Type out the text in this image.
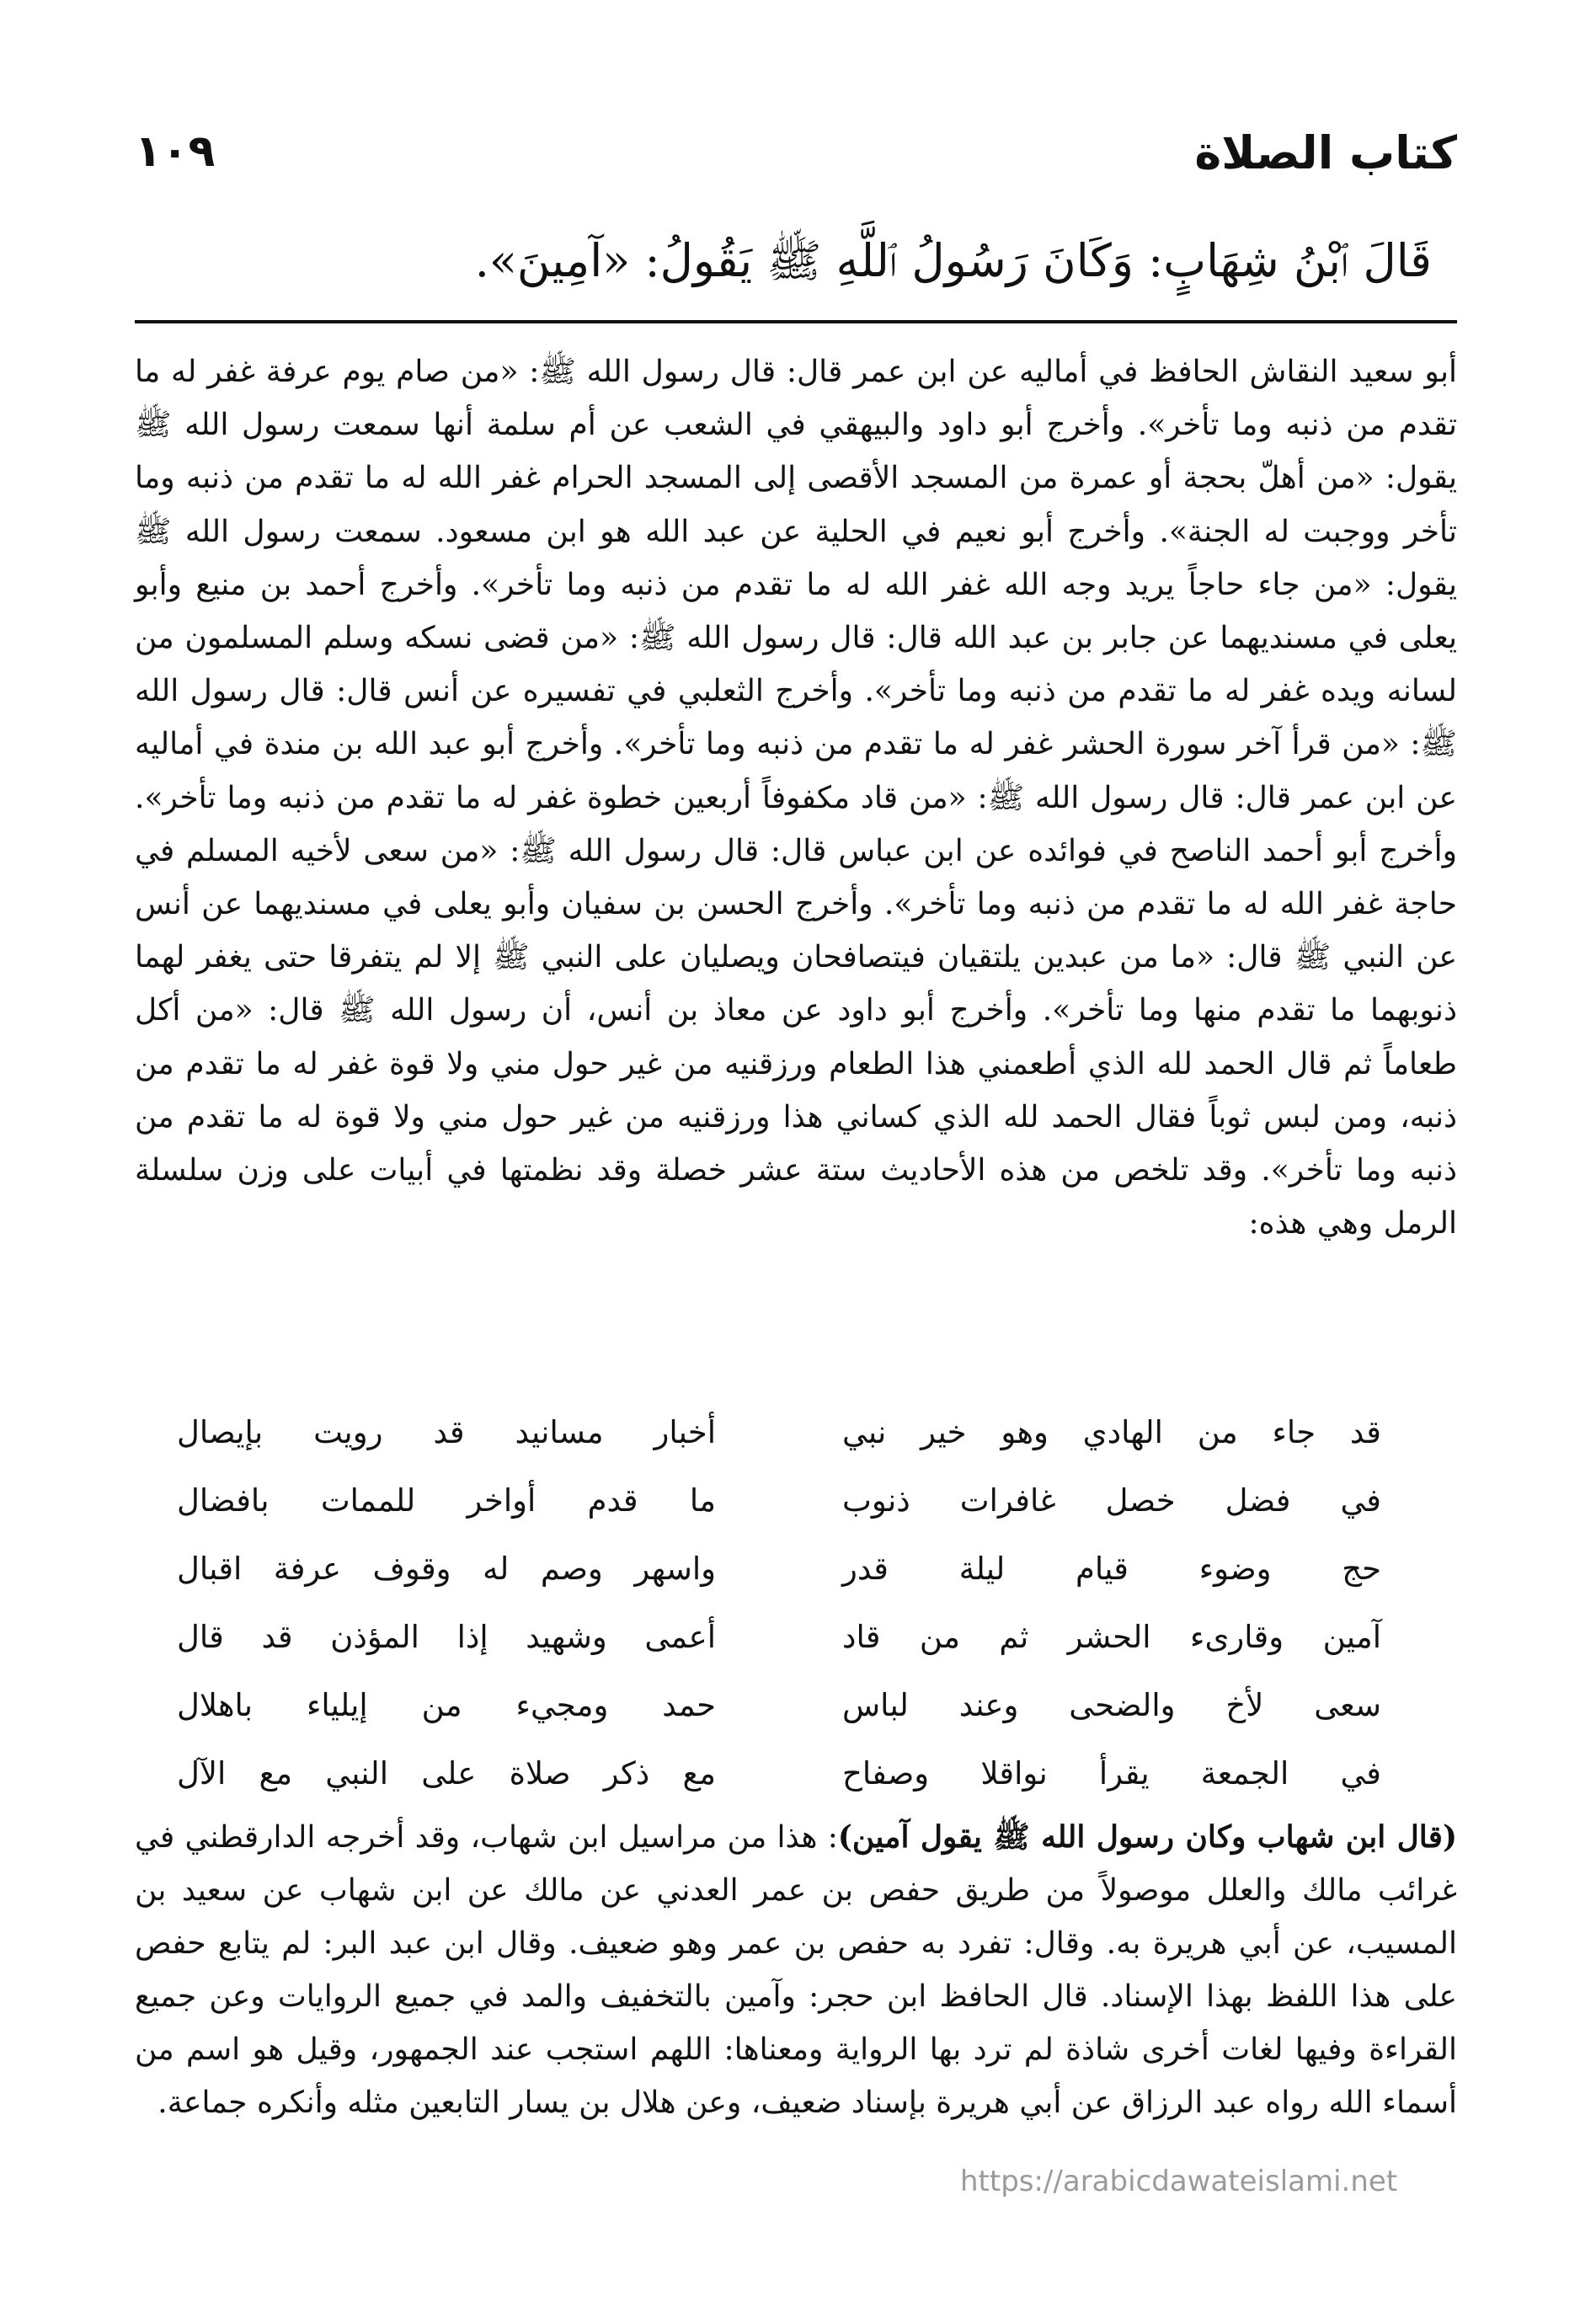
كتاب الصلاة
١٠٩
قَالَ ٱبْنُ شِهَابٍ: وَكَانَ رَسُولُ ٱللَّهِ ﷺ يَقُولُ: «آمِينَ».
أبو سعيد النقاش الحافظ في أماليه عن ابن عمر قال: قال رسول الله ﷺ: «من صام يوم عرفة غفر له ما تقدم من ذنبه وما تأخر». وأخرج أبو داود والبيهقي في الشعب عن أم سلمة أنها سمعت رسول الله ﷺ يقول: «من أهلّ بحجة أو عمرة من المسجد الأقصى إلى المسجد الحرام غفر الله له ما تقدم من ذنبه وما تأخر ووجبت له الجنة». وأخرج أبو نعيم في الحلية عن عبد الله هو ابن مسعود. سمعت رسول الله ﷺ يقول: «من جاء حاجاً يريد وجه الله غفر الله له ما تقدم من ذنبه وما تأخر». وأخرج أحمد بن منيع وأبو يعلى في مسنديهما عن جابر بن عبد الله قال: قال رسول الله ﷺ: «من قضى نسكه وسلم المسلمون من لسانه ويده غفر له ما تقدم من ذنبه وما تأخر». وأخرج الثعلبي في تفسيره عن أنس قال: قال رسول الله ﷺ: «من قرأ آخر سورة الحشر غفر له ما تقدم من ذنبه وما تأخر». وأخرج أبو عبد الله بن مندة في أماليه عن ابن عمر قال: قال رسول الله ﷺ: «من قاد مكفوفاً أربعين خطوة غفر له ما تقدم من ذنبه وما تأخر». وأخرج أبو أحمد الناصح في فوائده عن ابن عباس قال: قال رسول الله ﷺ: «من سعى لأخيه المسلم في حاجة غفر الله له ما تقدم من ذنبه وما تأخر». وأخرج الحسن بن سفيان وأبو يعلى في مسنديهما عن أنس عن النبي ﷺ قال: «ما من عبدين يلتقيان فيتصافحان ويصليان على النبي ﷺ إلا لم يتفرقا حتى يغفر لهما ذنوبهما ما تقدم منها وما تأخر». وأخرج أبو داود عن معاذ بن أنس، أن رسول الله ﷺ قال: «من أكل طعاماً ثم قال الحمد لله الذي أطعمني هذا الطعام ورزقنيه من غير حول مني ولا قوة غفر له ما تقدم من ذنبه، ومن لبس ثوباً فقال الحمد لله الذي كساني هذا ورزقنيه من غير حول مني ولا قوة له ما تقدم من ذنبه وما تأخر». وقد تلخص من هذه الأحاديث ستة عشر خصلة وقد نظمتها في أبيات على وزن سلسلة الرمل وهي هذه:
قد جاء من الهادي وهو خير نبي
أخبار مسانيد قد رويت بإيصال
في فضل خصل غافرات ذنوب
ما قدم أواخر للممات بافضال
حج وضوء قيام ليلة قدر
واسهر وصم له وقوف عرفة اقبال
آمين وقارىء الحشر ثم من قاد
أعمى وشهيد إذا المؤذن قد قال
سعى لأخ والضحى وعند لباس
حمد ومجيء من إيلياء باهلال
في الجمعة يقرأ نواقلا وصفاح
مع ذكر صلاة على النبي مع الآل
(قال ابن شهاب وكان رسول الله ﷺ يقول آمين): هذا من مراسيل ابن شهاب، وقد أخرجه الدارقطني في غرائب مالك والعلل موصولاً من طريق حفص بن عمر العدني عن مالك عن ابن شهاب عن سعيد بن المسيب، عن أبي هريرة به. وقال: تفرد به حفص بن عمر وهو ضعيف. وقال ابن عبد البر: لم يتابع حفص على هذا اللفظ بهذا الإسناد. قال الحافظ ابن حجر: وآمين بالتخفيف والمد في جميع الروايات وعن جميع القراءة وفيها لغات أخرى شاذة لم ترد بها الرواية ومعناها: اللهم استجب عند الجمهور، وقيل هو اسم من أسماء الله رواه عبد الرزاق عن أبي هريرة بإسناد ضعيف، وعن هلال بن يسار التابعين مثله وأنكره جماعة.
https://arabicdawateislami.net
